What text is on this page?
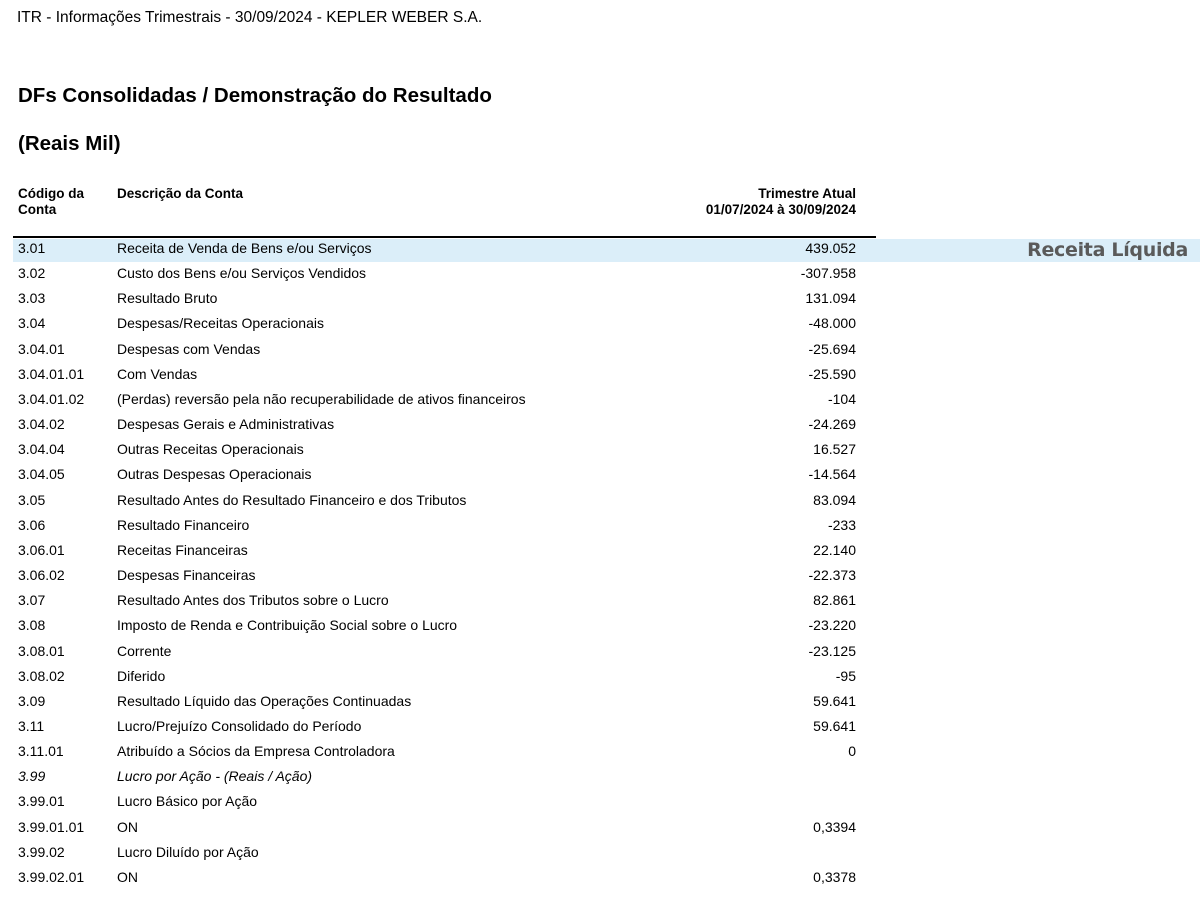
ITR - Informações Trimestrais - 30/09/2024 - KEPLER WEBER S.A.
DFs Consolidadas / Demonstração do Resultado
(Reais Mil)
Código da
Conta
Descrição da Conta	Trimestre Atual
01/07/2024 à 30/09/2024
Receita Líquida
3.01	Receita de Venda de Bens e/ou Serviços	439.052
3.02	Custo dos Bens e/ou Serviços Vendidos	-307.958
3.03	Resultado Bruto	131.094
3.04	Despesas/Receitas Operacionais	-48.000
3.04.01	Despesas com Vendas	-25.694
3.04.01.01 Com Vendas	-25.590
3.04.01.02 (Perdas) reversão pela não recuperabilidade de ativos financeiros	-104
3.04.02	Despesas Gerais e Administrativas	-24.269
3.04.04	Outras Receitas Operacionais	16.527
3.04.05	Outras Despesas Operacionais	-14.564
3.05	Resultado Antes do Resultado Financeiro e dos Tributos	83.094
3.06	Resultado Financeiro	-233
3.06.01	Receitas Financeiras	22.140
3.06.02	Despesas Financeiras	-22.373
3.07	Resultado Antes dos Tributos sobre o Lucro	82.861
3.08	Imposto de Renda e Contribuição Social sobre o Lucro	-23.220
3.08.01	Corrente	-23.125
3.08.02	Diferido	-95
3.09	Resultado Líquido das Operações Continuadas	59.641
3.11	Lucro/Prejuízo Consolidado do Período	59.641
3.11.01	Atribuído a Sócios da Empresa Controladora	0
3.99	Lucro por Ação - (Reais / Ação)
3.99.01	Lucro Básico por Ação
3.99.01.01 ON	0,3394
3.99.02	Lucro Diluído por Ação
3.99.02.01 ON	0,3378
